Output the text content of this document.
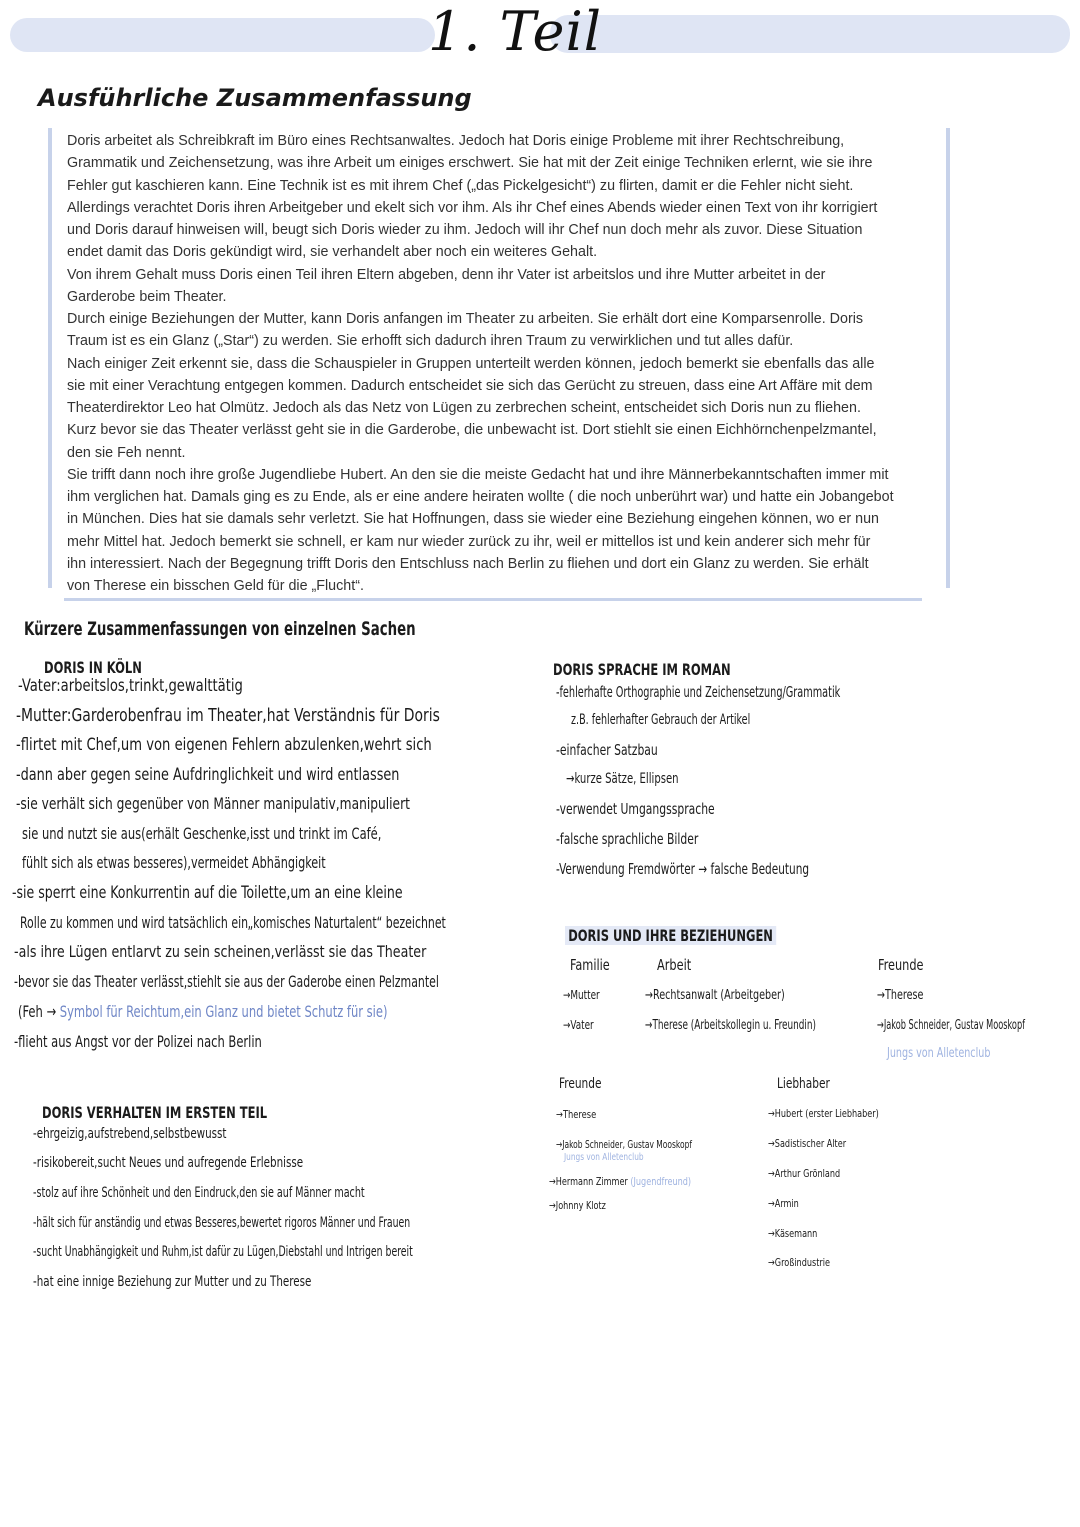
1. Teil
Ausführliche Zusammenfassung

Doris arbeitet als Schreibkraft im Büro eines Rechtsanwaltes. Jedoch hat Doris einige Probleme mit ihrer Rechtschreibung,

Grammatik und Zeichensetzung, was ihre Arbeit um einiges erschwert. Sie hat mit der Zeit einige Techniken erlernt, wie sie ihre

Fehler gut kaschieren kann. Eine Technik ist es mit ihrem Chef („das Pickelgesicht“) zu flirten, damit er die Fehler nicht sieht.

Allerdings verachtet Doris ihren Arbeitgeber und ekelt sich vor ihm. Als ihr Chef eines Abends wieder einen Text von ihr korrigiert

und Doris darauf hinweisen will, beugt sich Doris wieder zu ihm. Jedoch will ihr Chef nun doch mehr als zuvor. Diese Situation

endet damit das Doris gekündigt wird, sie verhandelt aber noch ein weiteres Gehalt.

Von ihrem Gehalt muss Doris einen Teil ihren Eltern abgeben, denn ihr Vater ist arbeitslos und ihre Mutter arbeitet in der

Garderobe beim Theater.

Durch einige Beziehungen der Mutter, kann Doris anfangen im Theater zu arbeiten. Sie erhält dort eine Komparsenrolle. Doris

Traum ist es ein Glanz („Star“) zu werden. Sie erhofft sich dadurch ihren Traum zu verwirklichen und tut alles dafür.

Nach einiger Zeit erkennt sie, dass die Schauspieler in Gruppen unterteilt werden können, jedoch bemerkt sie ebenfalls das alle

sie mit einer Verachtung entgegen kommen. Dadurch entscheidet sie sich das Gerücht zu streuen, dass eine Art Affäre mit dem

Theaterdirektor Leo hat Olmütz. Jedoch als das Netz von Lügen zu zerbrechen scheint, entscheidet sich Doris nun zu fliehen.

Kurz bevor sie das Theater verlässt geht sie in die Garderobe, die unbewacht ist. Dort stiehlt sie einen Eichhörnchenpelzmantel,

den sie Feh nennt.

Sie trifft dann noch ihre große Jugendliebe Hubert. An den sie die meiste Gedacht hat und ihre Männerbekanntschaften immer mit

ihm verglichen hat. Damals ging es zu Ende, als er eine andere heiraten wollte ( die noch unberührt war) und hatte ein Jobangebot

in München. Dies hat sie damals sehr verletzt. Sie hat Hoffnungen, dass sie wieder eine Beziehung eingehen können, wo er nun

mehr Mittel hat. Jedoch bemerkt sie schnell, er kam nur wieder zurück zu ihr, weil er mittellos ist und kein anderer sich mehr für

ihn interessiert. Nach der Begegnung trifft Doris den Entschluss nach Berlin zu fliehen und dort ein Glanz zu werden. Sie erhält

von Therese ein bisschen Geld für die „Flucht“.

Kürzere Zusammenfassungen von einzelnen Sachen
DORIS IN KÖLN
-Vater:arbeitslos,trinkt,gewalttätig
-Mutter:Garderobenfrau im Theater,hat Verständnis für Doris
-flirtet mit Chef,um von eigenen Fehlern abzulenken,wehrt sich
-dann aber gegen seine Aufdringlichkeit und wird entlassen
-sie verhält sich gegenüber von Männer manipulativ,manipuliert
sie und nutzt sie aus(erhält Geschenke,isst und trinkt im Café,
fühlt sich als etwas besseres),vermeidet Abhängigkeit
-sie sperrt eine Konkurrentin auf die Toilette,um an eine kleine
Rolle zu kommen und wird tatsächlich ein„komisches Naturtalent“ bezeichnet
-als ihre Lügen entlarvt zu sein scheinen,verlässt sie das Theater
-bevor sie das Theater verlässt,stiehlt sie aus der Gaderobe einen Pelzmantel
(Feh → Symbol für Reichtum,ein Glanz und bietet Schutz für sie)
-flieht aus Angst vor der Polizei nach Berlin
DORIS VERHALTEN IM ERSTEN TEIL
-ehrgeizig,aufstrebend,selbstbewusst
-risikobereit,sucht Neues und aufregende Erlebnisse
-stolz auf ihre Schönheit und den Eindruck,den sie auf Männer macht
-hält sich für anständig und etwas Besseres,bewertet rigoros Männer und Frauen
-sucht Unabhängigkeit und Ruhm,ist dafür zu Lügen,Diebstahl und Intrigen bereit
-hat eine innige Beziehung zur Mutter und zu Therese
DORIS SPRACHE IM ROMAN
-fehlerhafte Orthographie und Zeichensetzung/Grammatik
z.B. fehlerhafter Gebrauch der Artikel
-einfacher Satzbau
→kurze Sätze, Ellipsen
-verwendet Umgangssprache
-falsche sprachliche Bilder
-Verwendung Fremdwörter → falsche Bedeutung
DORIS UND IHRE BEZIEHUNGEN
Familie	Arbeit	Freunde
→Mutter
→Vater
→Rechtsanwalt (Arbeitgeber)
→Therese (Arbeitskollegin u. Freundin)
→Therese
→Jakob Schneider, Gustav Mooskopf
Jungs von Alletenclub
Freunde
→Therese
→Jakob Schneider, Gustav Mooskopf
Jungs von Alletenclub
→Hermann Zimmer (Jugendfreund)
→Johnny Klotz
Liebhaber
→Hubert (erster Liebhaber)
→Sadistischer Alter
→Arthur Grönland
→Armin
→Käsemann
→Großindustrie
